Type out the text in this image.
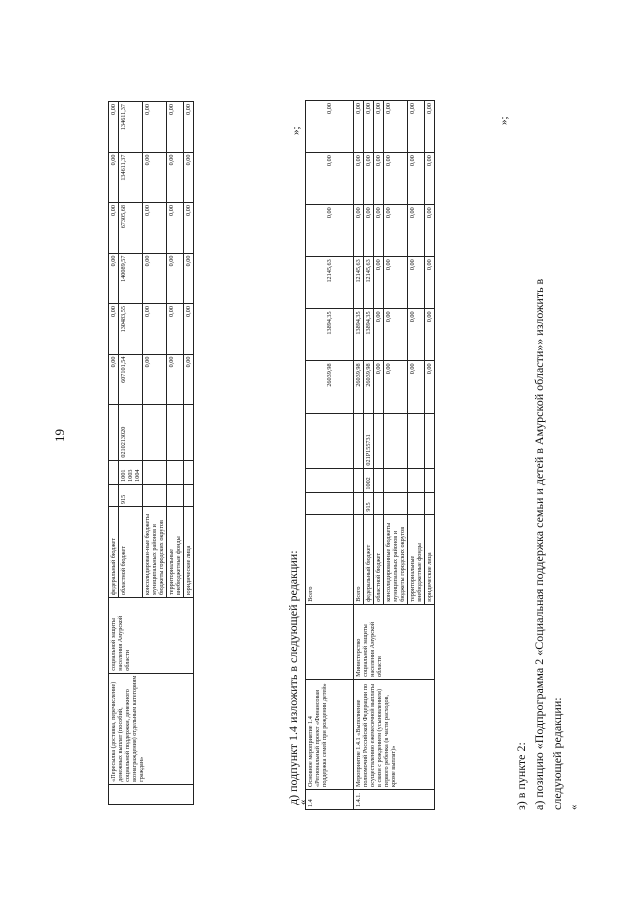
19
	«Пересылка (доставка, перечисление) денежных выплат (пособий, социальной поддержки, денежного вознаграждения) отдельным категориям граждан»	социальной защиты населения Амурской области	федеральный бюджет				0,00	0,00	0,00	0,00	0,00	0,00
			областной бюджет	915	1001 1003 1004	0210213020	607101,54	130483,55	140089,57	67305,68	134611,37	134611,37
			консолидирован-ные бюджеты муниципальных районов и бюджеты городских округов				0,00	0,00	0,00	0,00	0,00	0,00
			территориальные внебюджетные фонды				0,00	0,00	0,00	0,00	0,00	0,00
			юридические лица				0,00	0,00	0,00	0,00	0,00	0,00
»;
д) подпункт 1.4 изложить в следующей редакции:
«
1.4	Основное мероприятие 1.4 «Региональный проект «Финансовая поддержка семей при рождении детей»		Всего				26039,98	13894,35	12145,63	0,00	0,00	0,00
1.4.1.	Мероприятие 1.4.1 «Выполнение полномочий Российской Федерации по осуществлению ежемесячной выплаты в связи с рождением (усыновлением) первого ребенка (в части расходов, кроме выплат)»	Министерство социальной защиты населения Амурской области	Всего				26039,98	13894,35	12145,63	0,00	0,00	0,00
			федеральный бюджет	915	1002	021P155731	26039,98	13894,35	12145,63	0,00	0,00	0,00
			областной бюджет				0,00	0,00	0,00	0,00	0,00	0,00
			консолидированные бюджеты муниципальных районов и бюджеты городских округов				0,00	0,00	0,00	0,00	0,00	0,00
			территориальные внебюджетные фонды				0,00	0,00	0,00	0,00	0,00	0,00
			юридические лица				0,00	0,00	0,00	0,00	0,00	0,00
»;
з) в пункте 2: а) позицию «Подпрограмма 2 «Социальная поддержка семьи и детей в Амурской области»» изложить в следующей редакции: «
